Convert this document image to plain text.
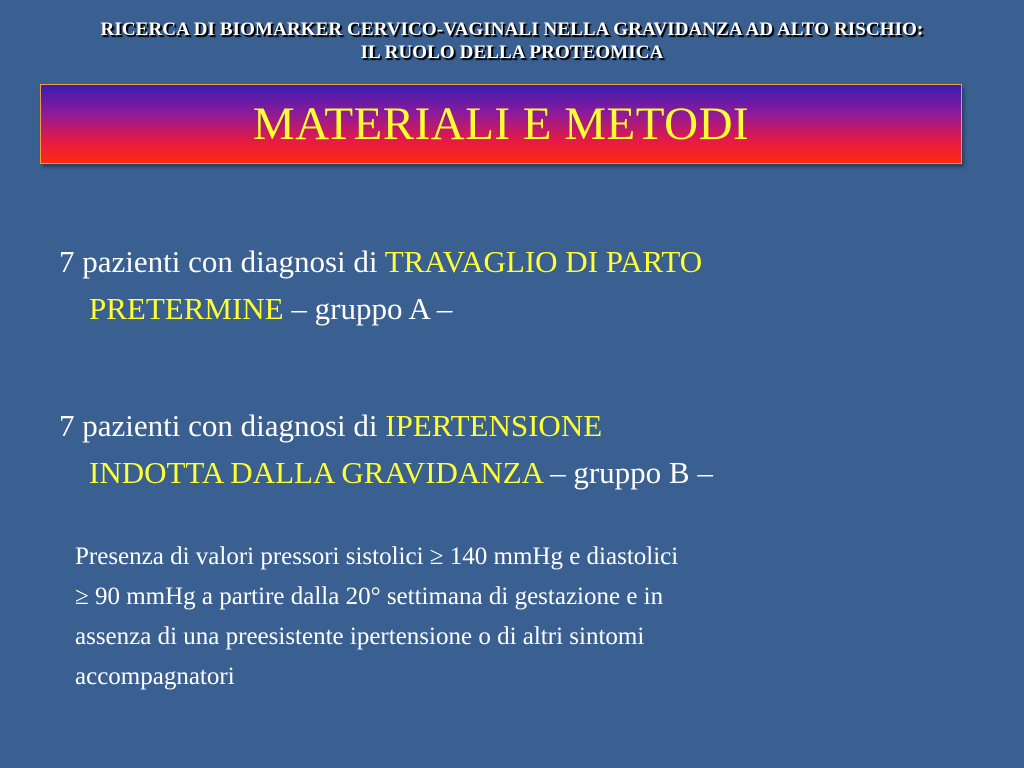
RICERCA DI BIOMARKER CERVICO-VAGINALI NELLA GRAVIDANZA AD ALTO RISCHIO:
IL RUOLO DELLA PROTEOMICA
MATERIALI E METODI
7 pazienti con diagnosi di TRAVAGLIO DI PARTO
PRETERMINE – gruppo A –
7 pazienti con diagnosi di IPERTENSIONE
INDOTTA DALLA GRAVIDANZA – gruppo B –
Presenza di valori pressori sistolici ≥ 140 mmHg e diastolici
≥ 90 mmHg a partire dalla 20° settimana di gestazione e in
assenza di una preesistente ipertensione o di altri sintomi
accompagnatori
